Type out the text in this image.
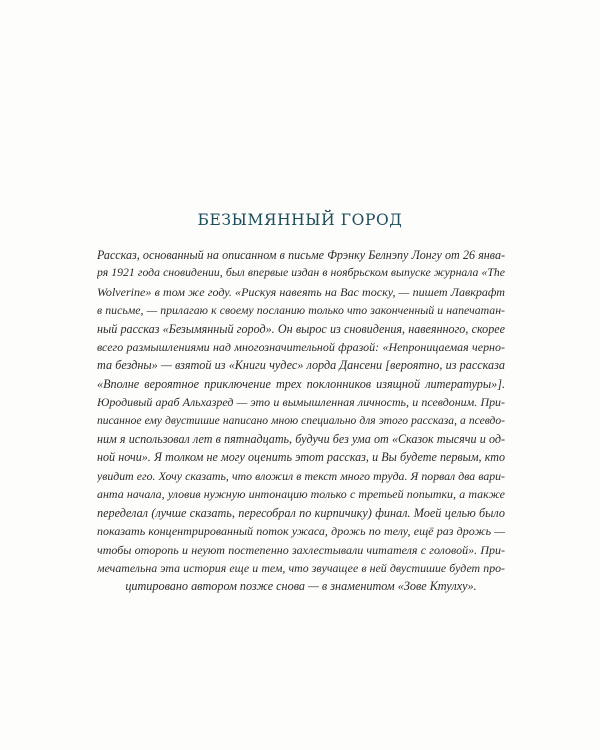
БЕЗЫМЯННЫЙ ГОРОД
Рассказ, основанный на описанном в письме Фрэнку Белнэпу Лонгу от 26 янва-
ря 1921 года сновидении, был впервые издан в ноябрьском выпуске журнала «The
Wolverine» в том же году. «Рискуя навеять на Вас тоску, — пишет Лавкрафт
в письме, — прилагаю к своему посланию только что законченный и напечатан-
ный рассказ «Безымянный город». Он вырос из сновидения, навеянного, скорее
всего размышлениями над многозначительной фразой: «Непроницаемая черно-
та бездны» — взятой из «Книги чудес» лорда Дансени [вероятно, из рассказа
«Вполне вероятное приключение трех поклонников изящной литературы»].
Юродивый араб Альхазред — это и вымышленная личность, и псевдоним. При-
писанное ему двустишие написано мною специально для этого рассказа, а псевдо-
ним я использовал лет в пятнадцать, будучи без ума от «Сказок тысячи и од-
ной ночи». Я толком не могу оценить этот рассказ, и Вы будете первым, кто
увидит его. Хочу сказать, что вложил в текст много труда. Я порвал два вари-
анта начала, уловив нужную интонацию только с третьей попытки, а также
переделал (лучше сказать, пересобрал по кирпичику) финал. Моей целью было
показать концентрированный поток ужаса, дрожь по телу, ещё раз дрожь —
чтобы оторопь и неуют постепенно захлестывали читателя с головой». При-
мечательна эта история еще и тем, что звучащее в ней двустишие будет про-
цитировано автором позже снова — в знаменитом «Зове Ктулху».
